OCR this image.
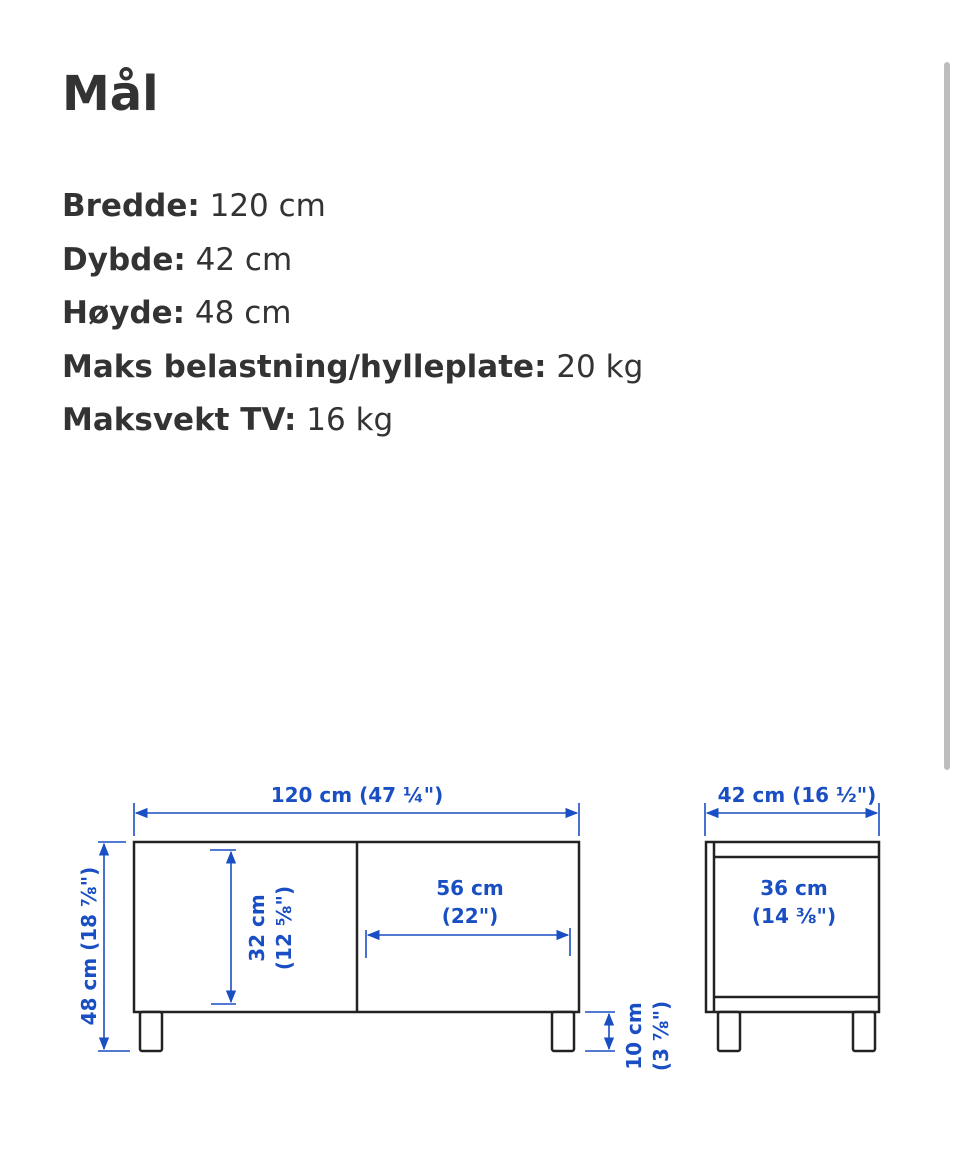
Mål
Bredde: 120 cm
Dybde: 42 cm
Høyde: 48 cm
Maks belastning/hylleplate: 20 kg
Maksvekt TV: 16 kg
120 cm (47 ¼")
48 cm (18 ⅞")	32 cm (12 ⅝")	56 cm
(22")
10 cm (3 ⅞")
42 cm (16 ½")
36 cm
(14 ⅜")
